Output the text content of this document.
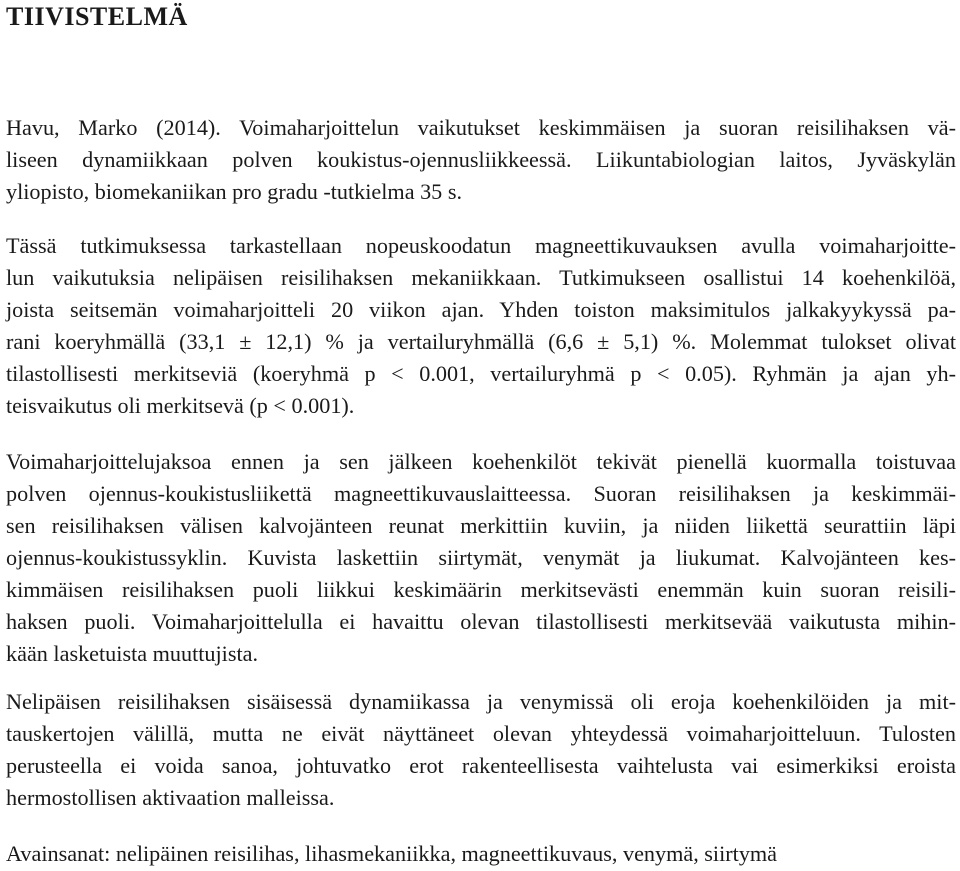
TIIVISTELMÄ

Havu, Marko (2014). Voimaharjoittelun vaikutukset keskimmäisen ja suoran reisilihaksen vä-
liseen dynamiikkaan polven koukistus-ojennusliikkeessä. Liikuntabiologian laitos, Jyväskylän
yliopisto, biomekaniikan pro gradu -tutkielma 35 s.

Tässä tutkimuksessa tarkastellaan nopeuskoodatun magneettikuvauksen avulla voimaharjoitte-
lun vaikutuksia nelipäisen reisilihaksen mekaniikkaan. Tutkimukseen osallistui 14 koehenkilöä,
joista seitsemän voimaharjoitteli 20 viikon ajan. Yhden toiston maksimitulos jalkakyykyssä pa-
rani koeryhmällä (33,1 ± 12,1) % ja vertailuryhmällä (6,6 ± 5,1) %. Molemmat tulokset olivat
tilastollisesti merkitseviä (koeryhmä p < 0.001, vertailuryhmä p < 0.05). Ryhmän ja ajan yh-
teisvaikutus oli merkitsevä (p < 0.001).

Voimaharjoittelujaksoa ennen ja sen jälkeen koehenkilöt tekivät pienellä kuormalla toistuvaa
polven ojennus-koukistusliikettä magneettikuvauslaitteessa. Suoran reisilihaksen ja keskimmäi-
sen reisilihaksen välisen kalvojänteen reunat merkittiin kuviin, ja niiden liikettä seurattiin läpi
ojennus-koukistussyklin. Kuvista laskettiin siirtymät, venymät ja liukumat. Kalvojänteen kes-
kimmäisen reisilihaksen puoli liikkui keskimäärin merkitsevästi enemmän kuin suoran reisili-
haksen puoli. Voimaharjoittelulla ei havaittu olevan tilastollisesti merkitsevää vaikutusta mihin-
kään lasketuista muuttujista.

Nelipäisen reisilihaksen sisäisessä dynamiikassa ja venymissä oli eroja koehenkilöiden ja mit-
tauskertojen välillä, mutta ne eivät näyttäneet olevan yhteydessä voimaharjoitteluun. Tulosten
perusteella ei voida sanoa, johtuvatko erot rakenteellisesta vaihtelusta vai esimerkiksi eroista
hermostollisen aktivaation malleissa.

Avainsanat: nelipäinen reisilihas, lihasmekaniikka, magneettikuvaus, venymä, siirtymä
